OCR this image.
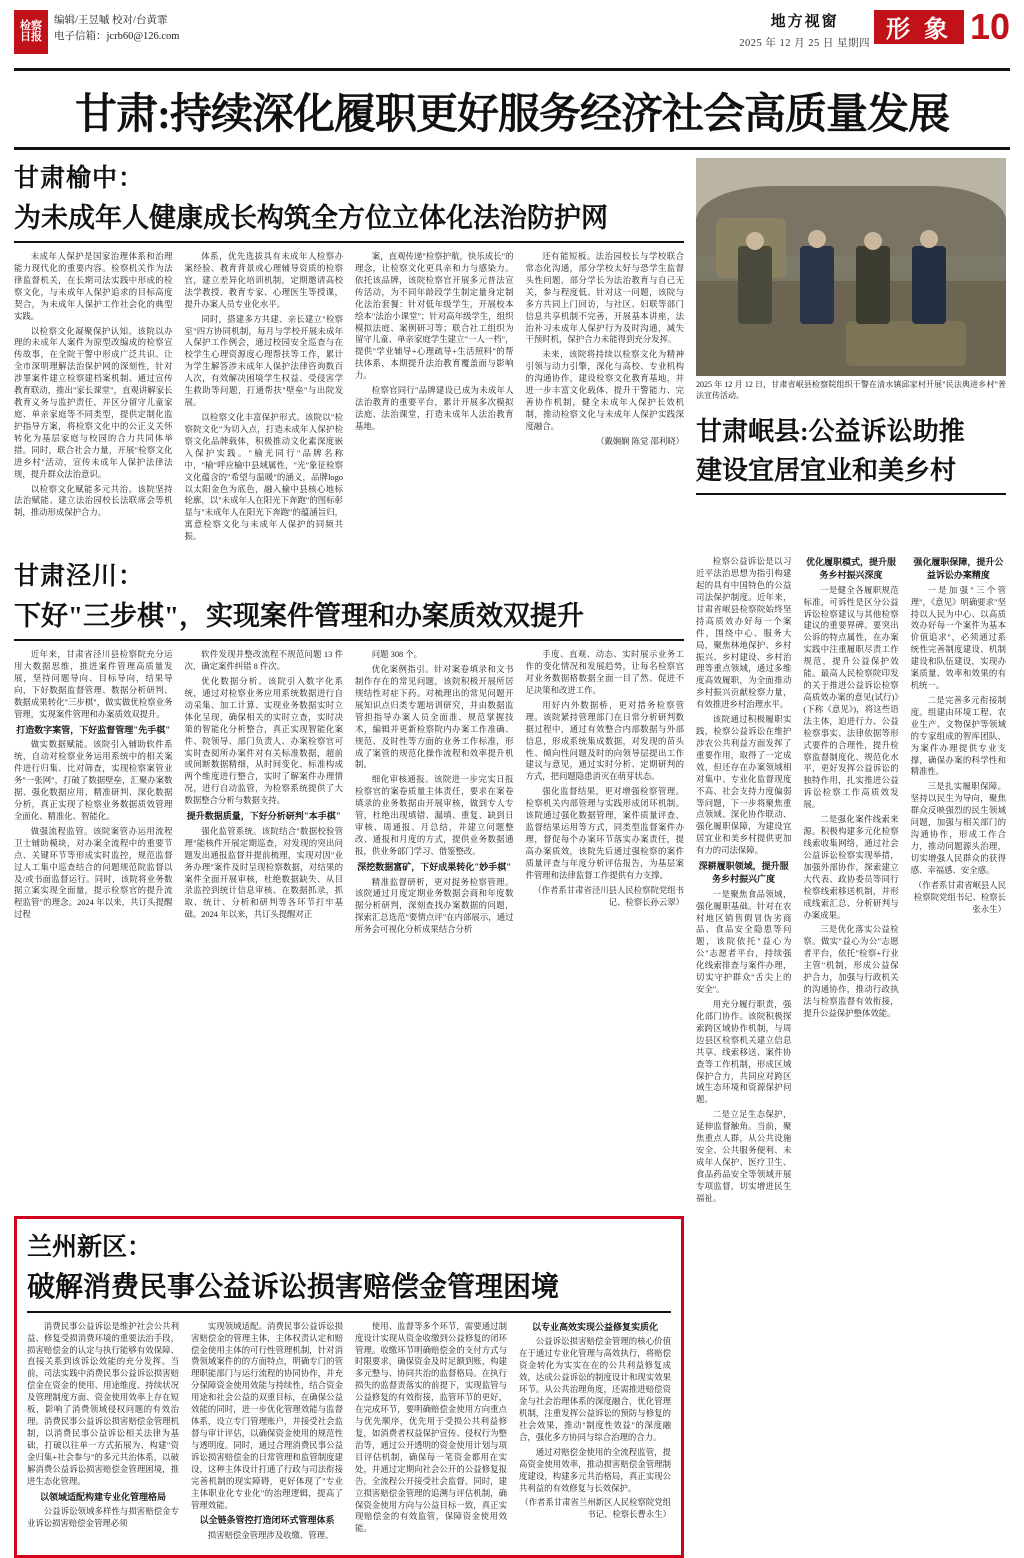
检察
日报
编辑/王昱嘁 校对/台黄霏
电子信箱：jcrb60@126.com
地方视窗
2025 年 12 月 25 日 星期四
形 象 10
甘肃:持续深化履职更好服务经济社会高质量发展
甘肃榆中：
为未成年人健康成长构筑全方位立体化法治防护网

未成年人保护是国家治理体系和治理能力现代化的重要内容。检察机关作为法律监督机关，在长期司法实践中形成的检察文化，与未成年人保护追求的目标高度契合，为未成年人保护工作社会化的典型实践。

以检察文化凝聚保护认知。该院以办理的未成年人案件为原型改编成的检察宣传故事，在全院干警中形成广泛共识、让全市深明理解法治保护网的深刻性，针对涉罪案件建立检察建档案机制、通过宣传教育联动，推出"家长课堂"，直观讲解家长教育义务与监护责任，并区分留守儿童家庭、单亲家庭等不同类型，提供定制化监护指导方案，将检察文化中的公正义关怀转化为基层家庭与校园的合力共同体举措。同时，联合社会力量，开展"检察文化进乡村"活动，宣传未成年人保护法律法规，提升群众法治意识。

以检察文化赋能多元共治。该院坚持法治赋能、建立法治园校长法联席会等机制，推动形成保护合力。

体系，优先选拔具有未成年人检察办案经验、教育背景或心理辅导资质的检察官，建立差异化培训机制，定期邀请高校法学教授、教育专家、心理医生等授课，提升办案人员专业化水平。

同时，搭建多方共建、亲长建立"检察室"四方协同机制，每月与学校开展未成年人保护工作例会，通过校园安全巡查与在校学生心理资源度心理帮扶等工作，累计为学生解答涉未成年人保护法律咨询数百人次，有效解决困境学生权益、受侵害学生救助等问题，打通帮扶"壁垒"与出院发展。

以检察文化丰富保护形式。该院以"检察院文化"为切入点，打造未成年人保护检察文化品牌载体，积极推动文化素深度嵌入保护实践。"榆光同行"品牌名称中，"榆"呼应榆中县域属性，"光"象征检察文化蕴含的"希望与温暖"的涵义，品牌logo以太阳金色为底色，融入榆中县核心地标轮廓，以"未成年人在阳光下奔跑"的图标彰显与"未成年人在阳光下奔跑"的蕴涵旨归，寓意检察文化与未成年人保护的同频共振。

案，直观传递"检察护航，快乐成长"的理念，让检察文化更具亲和力与感染力。依托该品牌，该院检察官开展多元普法宣传活动，为不同年龄段学生制定量身定制化法治套餐：针对低年级学生，开展校本绘本"法治小课堂"；针对高年级学生，组织模拟法庭、案例研习等；联合社工组织为留守儿童、单亲家庭学生建立"一人一档"，提供"学业辅导+心理疏导+生活照料"的帮扶体系，本期提升法治教育覆盖面与影响力。

检察官同行"品牌建设已成为未成年人法治教育的重要平台，累计开展多次模拟法庭、法治课堂，打造未成年人法治教育基地。

还有能短板。法治园校长与学校联合常态化沟通，部分学校太好与恐学生监督头性问题，部分学长为法治教育与自己无关，参与程度低。针对这一问题，该院与多方共同上门回访，与社区、妇联等部门信息共享机制不完善，开展基本讲座，法治补习未成年人保护行为及时沟通，减失干预时机，保护合力未能得到充分发挥。

未来，该院将持续以检察文化为精神引领与动力引擎，深化与高校、专业机构的沟通协作，建设检察文化教育基地，并进一步丰富文化载体、提升干警能力、完善协作机制，健全未成年人保护长效机制，推动检察文化与未成年人保护实践深度融合。

（戴娴娴 陈觉 邵利晓）

2025 年 12 月 12 日，甘肃省岷县检察院组织干警在清水镇邱家村开展"民法典进乡村"普法宣传活动。
甘肃岷县:公益诉讼助推
建设宜居宜业和美乡村
甘肃泾川：
下好"三步棋"，实现案件管理和办案质效双提升

近年来，甘肃省泾川县检察院充分运用大数据思维，推进案件管理高质量发展，坚持问题导向、目标导向，结果导向，下好数据监督管理、数据分析研判、数据成果转化"三步棋"，做实做优检察业务管理，实现案件管理和办案质效双提升。

打造数字案管，下好监督管理"先手棋"

做实数据赋能。该院引入辅助软件系统，自动对检察业务运用系统中的相关案件进行归集、比对筛查，实现检察案管业务"一张网"，打破了数据壁垒，汇聚办案数据、强化数据应用、精准研判、深化数据分析，真正实现了检察业务数据质效管理全面化、精准化、智能化。

做强流程监管。该院案管办运用流程卫士辅助模块，对办案全流程中的重要节点、关键环节等形成实时监控，规范监督过人工集中巡查结合的问题规范院监督以及/或书面监督运行。同时，该院将业务数据立案实现全面量，提示检察官的提升流程监管"的理念。2024 年以来，共订头提醒过程

软件发现并整改流程不规范问题 13 件次，确定案件纠错 8 件次。

优化数据分析。该院引入数字化系统，通过对检察业务应用系统数据进行自动采集、加工计算、实现业务数据实时立体化呈现，确保相关的实时立查，实时决策的智能化分析整合，真正实现智能化案件、院领导、部门负责人、办案检察官可实时查阅所办案件对有关标准数据，超前或间断数据精细，从时间变化、标准构成两个维度进行整合，实时了解案件办理情况，进行自动监管，为检察系统提供了大数据整合分析与数据支持。

提升数据质量，下好分析研判"本手棋"

强化监管系统。该院结合"数据校验管理"能核件开展定期巡查，对发现的突出问题发出通报监督并提前梳理，实现对因"业务办理"案件及时呈现检察数据，对结果的案件全面开展审核，杜绝数据缺失、从目录监控到统计信息审核、在数据抓录，抓取、统计、分析和研判等各环节打牢基础。2024 年以来，共订头提醒对正

问题 308 个。

优化案例指引。针对案卷填录和文书制作存在的常见问题，该院积极开展所居规结性对症下药。对梳理出的常见问题开展知识点归类专题培训研究，并由数据监管担指导办案人员全面准、规范掌握技术，编辑并更新检察院内办案工作准确、规范、及时性等方面的业务工作标准，形成了案管的规范化操作流程和效率提升机制。

细化审核通报。该院进一步完实日报检察官的案卷质量主体责任，要求在案卷填录的业务数据由开展审核，做到专人专管，杜绝出现填错、漏填、重复、缺到日审核、周通报、月总结，并建立问题整改、通报和月度的方式，提供业务数据通报，供业务部门学习、借鉴整改。

深挖数据富矿，下好成果转化"妙手棋"

精准监督研析，更对捉务检察管理。该院通过月度定期业务数据会商和年度数据分析研判，深刻查找办案数据的问题，探索汇总选范"要情点评"在内部展示，通过所务会可视化分析成果结合分析

手度、直观、动态、实时展示业务工作的变化情况和发展趋势，让每名检察官对业务数据格数据全面一目了然、促进不足决策和改进工作。

用好内外数据桥，更对措务检察管理。该院紧持管理部门在日常分析研判数据过程中，通过有效整合内部数据与外部信息，形成系统集成数据，对发现的苗头性、倾向性问题及时的向领导层提出工作建议与意见，通过实时分析、定期研判的方式，把问题隐患消灭在萌芽状态。

强化监督结果，更对增强检察管理。检察机关内部管理与实践形成闭环机制。该院通过强化数据管理，案件质量评查、监督结果运用等方式，同类型监督案件办理，督促每个办案环节落实办案责任，提高办案质效，该院先后通过强检察的案件质量评查与年度分析评估报告，为基层案件管理和法律监督工作提供有力支撑。

（作者系甘肃省泾川县人民检察院党组书记、检察长孙云翠）

检察公益诉讼是以习近平法治思想为指引构建起的具有中国特色的公益司法保护制度。近年来，甘肃省岷县检察院始终坚持高质效办好每一个案件，围绕中心、服务大局，聚焦林地保护、乡村振兴、乡村建设、乡村治理等重点领域，通过多维度高效履职，为全面推动乡村振兴贡献检察力量，有效推进乡村治理水平。

该院通过积极履职实践，检察公益诉讼在维护涉农公共利益方面发挥了重要作用，取得了一定成效，但还存在办案领域相对集中、专业化监督现度不高、社会支持力度偏弱等问题，下一步将聚焦重点领域、深化协作联动、强化履职保障，为建设宜居宜业和美乡村提供更加有力的司法保障。

深耕履职领域，提升服务乡村振兴广度

一是聚焦食品领域，强化履职基础。针对在农村地区销售假冒伪劣商品、食品安全隐患等问题，该院依托"益心为公"志愿者平台，持续强化线索排查与案件办理，切实守护群众"舌尖上的安全"。

用充分履行职责，强化部门协作。该院积极探索跨区域协作机制，与周边县区检察机关建立信息共享、线索移送、案件协查等工作机制，形成区域保护合力，共同应对跨区域生态环境和资源保护问题。

二是立足生态保护，延伸监督触角。当前，聚焦重点人群，从公共设施安全、公共服务便利、未成年人保护、医疗卫生、食品药品安全等领域开展专项监督，切实增进民生福祉。

优化履职模式，提升服务乡村振兴深度

一是健全各履职规范标准，可诉性是区分公益诉讼检察建议与其他检察建议的重要界碑。要突出公诉的特点属性，在办案实践中注重履职尽责工作规范，提升公益保护效能。最高人民检察院印发的关于推进公益诉讼检察高质效办案的意见(试行)》(下称《意见》)，将这些语法主体，迫进行力、公益检察事实、法律依据等形式要件的合理性，提升检察监督制度化、规范化水平，更好发挥公益诉讼的独特作用，扎实推进公益诉讼检察工作高质效发展。

二是强化案件线索来源。积极构建多元化检察线索收集网络，通过社会公益诉讼检察实现举措，加强外部协作，探索建立大代表、政协委员等同行检察线索移送机制，并形成线索汇总、分析研判与办案成果。

三是优化落实公益检察。做实"益心为公"志愿者平台，依托"检察+行业主管"机制，形成公益保护合力，加强与行政机关的沟通协作，推动行政执法与检察监督有效衔接，提升公益保护整体效能。

强化履职保障，提升公益诉讼办案精度

一是加强"三个管理"，《意见》明确要求"坚持以人民为中心、以高质效办好每一个案件为基本价值追求"，必须通过系统性完善制度建设、机制建设和队伍建设，实现办案质量、效率和效果的有机统一。

二是完善多元衔接制度。组建由环境工程、农业生产、文物保护等领域的专家组成的智库团队，为案件办理提供专业支撑，确保办案的科学性和精准性。

三是扎实履职保障。坚持以民生为导向，聚焦群众反映强烈的民生领域问题，加强与相关部门的沟通协作，形成工作合力，推动问题源头治理，切实增强人民群众的获得感、幸福感、安全感。

（作者系甘肃省岷县人民检察院党组书记、检察长张永生）

兰州新区：
破解消费民事公益诉讼损害赔偿金管理困境

消费民事公益诉讼是维护社会公共利益、修复受损消费环境的重要法治手段，损害赔偿金的认定与执行能够有效保障、直接关系到该诉讼效能的充分发挥。当前，司法实践中消费民事公益诉讼损害赔偿金在资金的使用、用途维度、持续状况及管理制度方面、资金使用效率上存在短板，影响了消费领域侵权问题的有效治理。消费民事公益诉讼损害赔偿金管理机制，以消费民事公益诉讼相关法律为基础，打破以往单一方式拓展为、构建"资金归集+社会参与"的多元共治体系，以破解消费公益诉讼损害赔偿金管理困境，推进生态化管理。

以领域适配构建专业化管理格局

公益诉讼领域多样性与损害赔偿金专业诉讼损害赔偿金管理必须

实现领域适配。消费民事公益诉讼损害赔偿金的管理主体，主体权责认定和赔偿金使用主体的可行性管理机制，针对消费领域案件的的方面特点，明确专门的管理职能部门与运行流程的协同协作，并充分保障资金使用效能与持续性，结合资金用途和社会公益的双重目标，在确保公益效能的同时，进一步优化管理效能与监督体系，设立专门管理账户，并接受社会监督与审计评估，以确保资金使用的规范性与透明度。同时，通过合理消费民事公益诉讼损害赔偿金的日常管理和监管制度建设，这种主体设计打通了行政与司法衔接完善机制的现实障碍，更好体现了"专业主体职业化专业化"的治理逻辑，提高了管理效能。

以全链条管控打造闭环式管理体系

损害赔偿金管理涉及收缴、管理、

使用、监督等多个环节，需要通过制度设计实现从资金收缴到公益修复的闭环管理。收缴环节明确赔偿金的支付方式与时限要求，确保资金及时足额到账，构建多元整与、协同共治的监督格局。在执行损失的监督责落实的前提下，实现监管与公益修复的有效衔接，监管环节的更好，在完成环节，要明确赔偿金使用方向重点与优先顺序，优先用于受损公共利益修复，如消费者权益保护宣传、侵权行为整治等，通过公开透明的资金使用计划与项目评估机制，确保每一笔资金都用在实处，并通过定期向社会公开的公益修复报告，全流程公开接受社会监督。同时，建立损害赔偿金管理的追溯与评估机制，确保资金使用方向与公益目标一致，真正实现赔偿金的有效监管，保障资金使用效能。

以专业高效实现公益修复实质化

公益诉讼损害赔偿金管理的核心价值在于通过专业化管理与高效执行，将赔偿资金转化为实实在在的公共利益修复成效，达成公益诉讼的制度设计和现实效果环节。从公共治理角度，还需推进赔偿资金与社会治理体系的深度融合，优化管理机制，注重发挥公益诉讼的预防与修复的社会效果，推动"制度性效益"的深度融合，强化多方协同与综合治理的合力。

通过对赔偿金使用的全流程监管，提高资金使用效率，推动损害赔偿金管理制度建设，构建多元共治格局，真正实现公共利益的有效修复与长效保护。

（作者系甘肃省兰州新区人民检察院党组书记、检察长曹永生）
